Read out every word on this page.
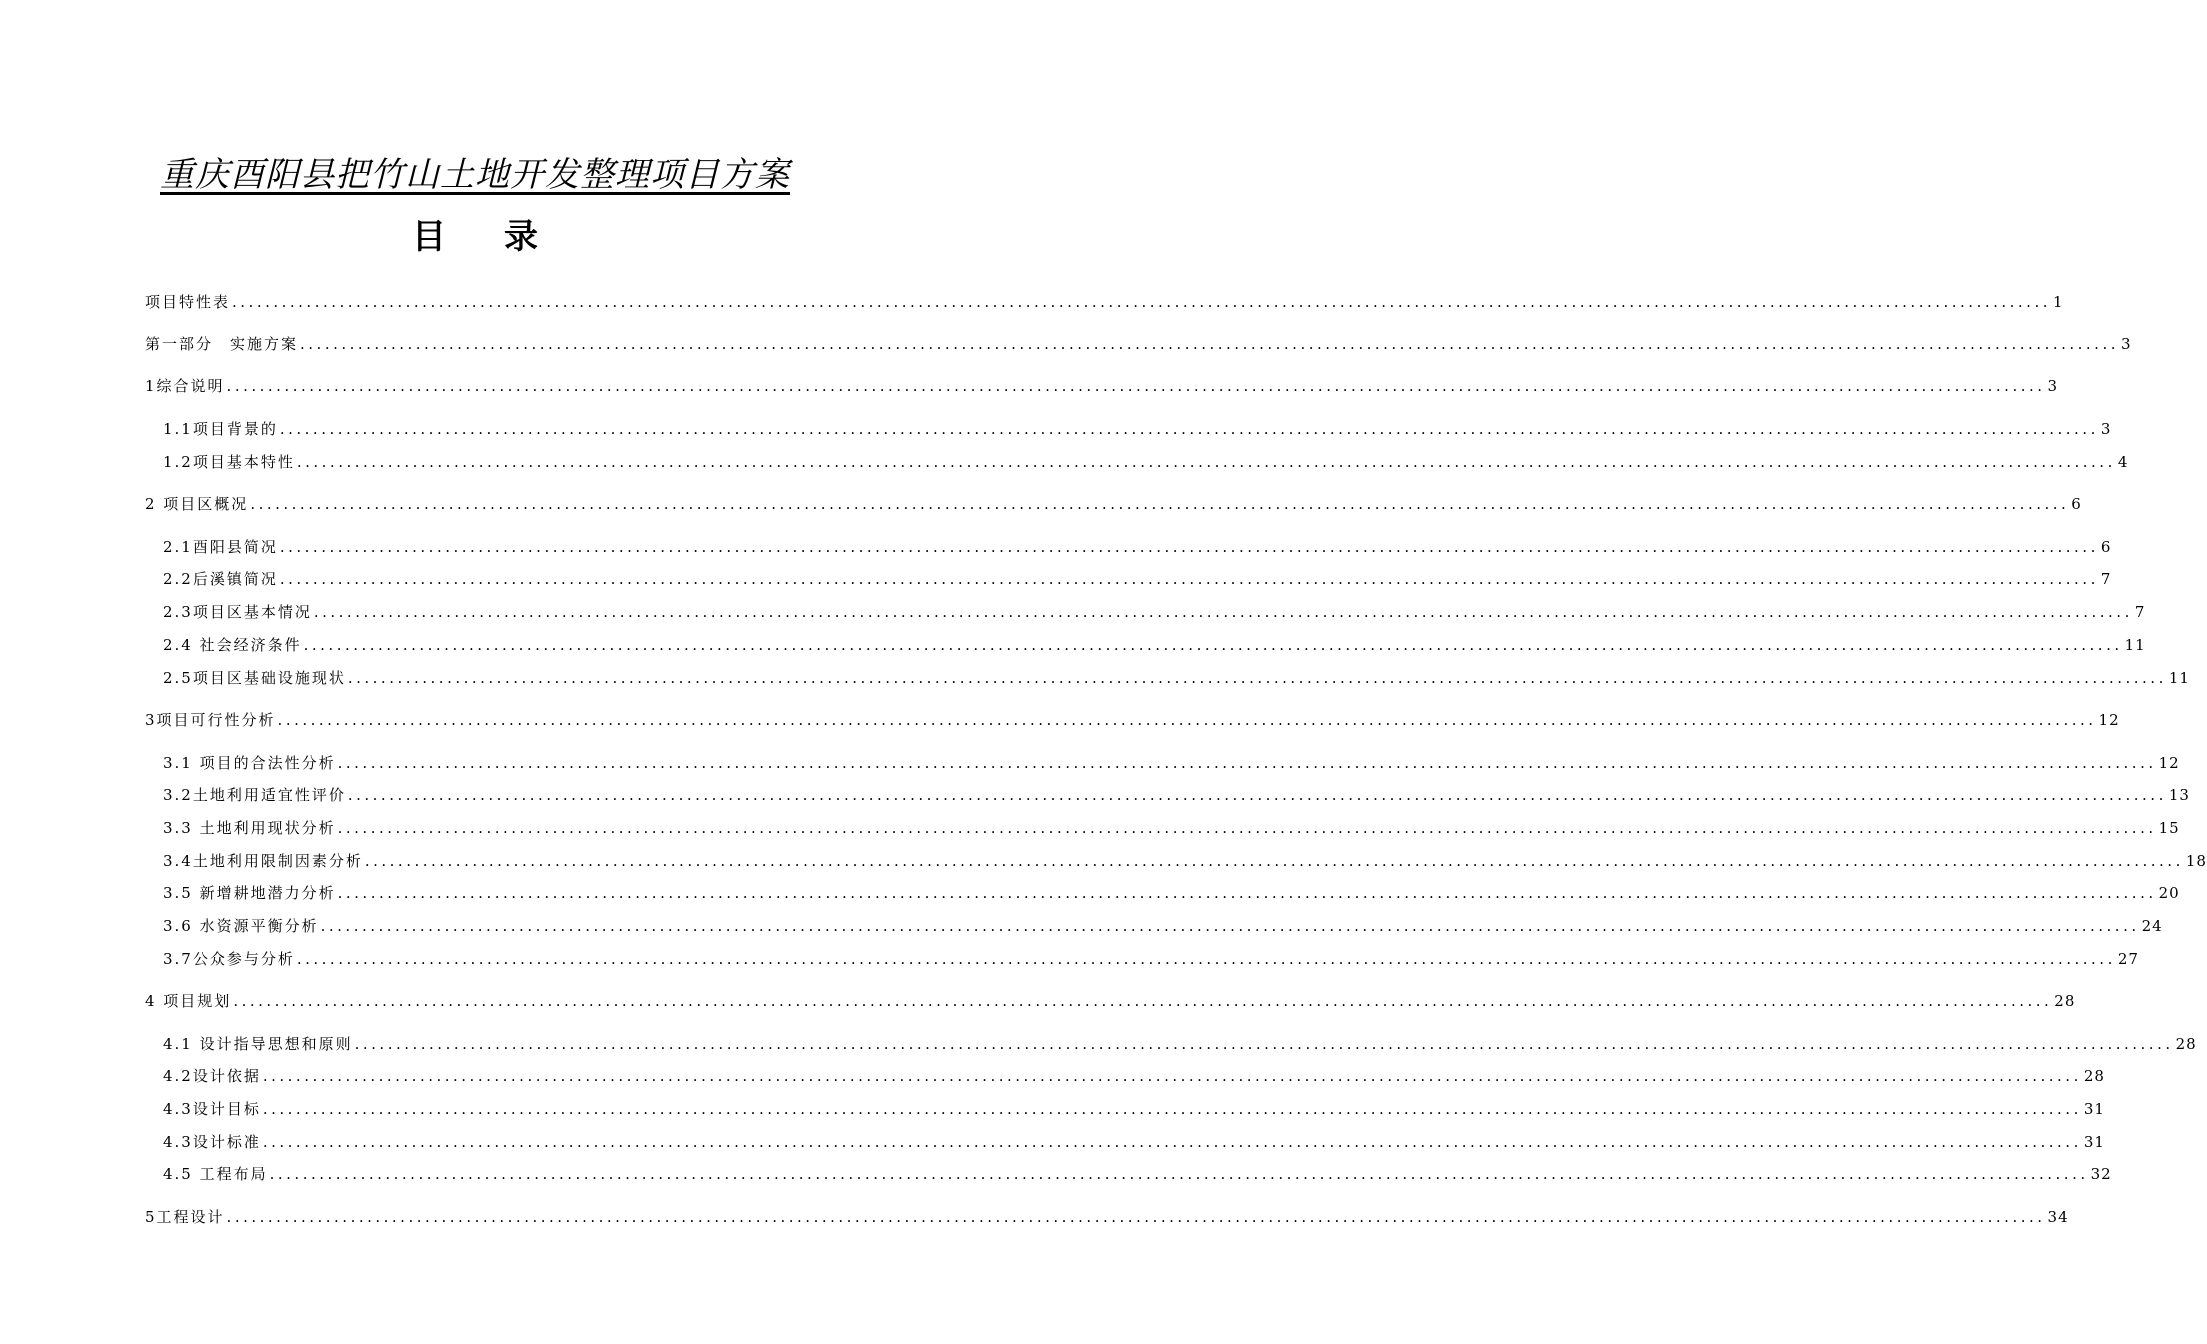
重庆酉阳县把竹山土地开发整理项目方案
目录
项目特性表 ............................................................................................................................................................................................................................ 1
第一部分　实施方案 ............................................................................................................................................................................................................................ 3
1综合说明 ............................................................................................................................................................................................................................ 3
1.1项目背景的 ............................................................................................................................................................................................................................ 3
1.2项目基本特性 ............................................................................................................................................................................................................................ 4
2 项目区概况 ............................................................................................................................................................................................................................ 6
2.1酉阳县简况 ............................................................................................................................................................................................................................ 6
2.2后溪镇简况 ............................................................................................................................................................................................................................ 7
2.3项目区基本情况 ............................................................................................................................................................................................................................ 7
2.4 社会经济条件 ............................................................................................................................................................................................................................ 11
2.5项目区基础设施现状 ............................................................................................................................................................................................................................ 11
3项目可行性分析 ............................................................................................................................................................................................................................ 12
3.1 项目的合法性分析 ............................................................................................................................................................................................................................ 12
3.2土地利用适宜性评价 ............................................................................................................................................................................................................................ 13
3.3 土地利用现状分析 ............................................................................................................................................................................................................................ 15
3.4土地利用限制因素分析 ............................................................................................................................................................................................................................ 18
3.5 新增耕地潜力分析 ............................................................................................................................................................................................................................ 20
3.6 水资源平衡分析 ............................................................................................................................................................................................................................ 24
3.7公众参与分析 ............................................................................................................................................................................................................................ 27
4 项目规划 ............................................................................................................................................................................................................................ 28
4.1 设计指导思想和原则 ............................................................................................................................................................................................................................ 28
4.2设计依据 ............................................................................................................................................................................................................................ 28
4.3设计目标 ............................................................................................................................................................................................................................ 31
4.3设计标准 ............................................................................................................................................................................................................................ 31
4.5 工程布局 ............................................................................................................................................................................................................................ 32
5工程设计 ............................................................................................................................................................................................................................ 34
